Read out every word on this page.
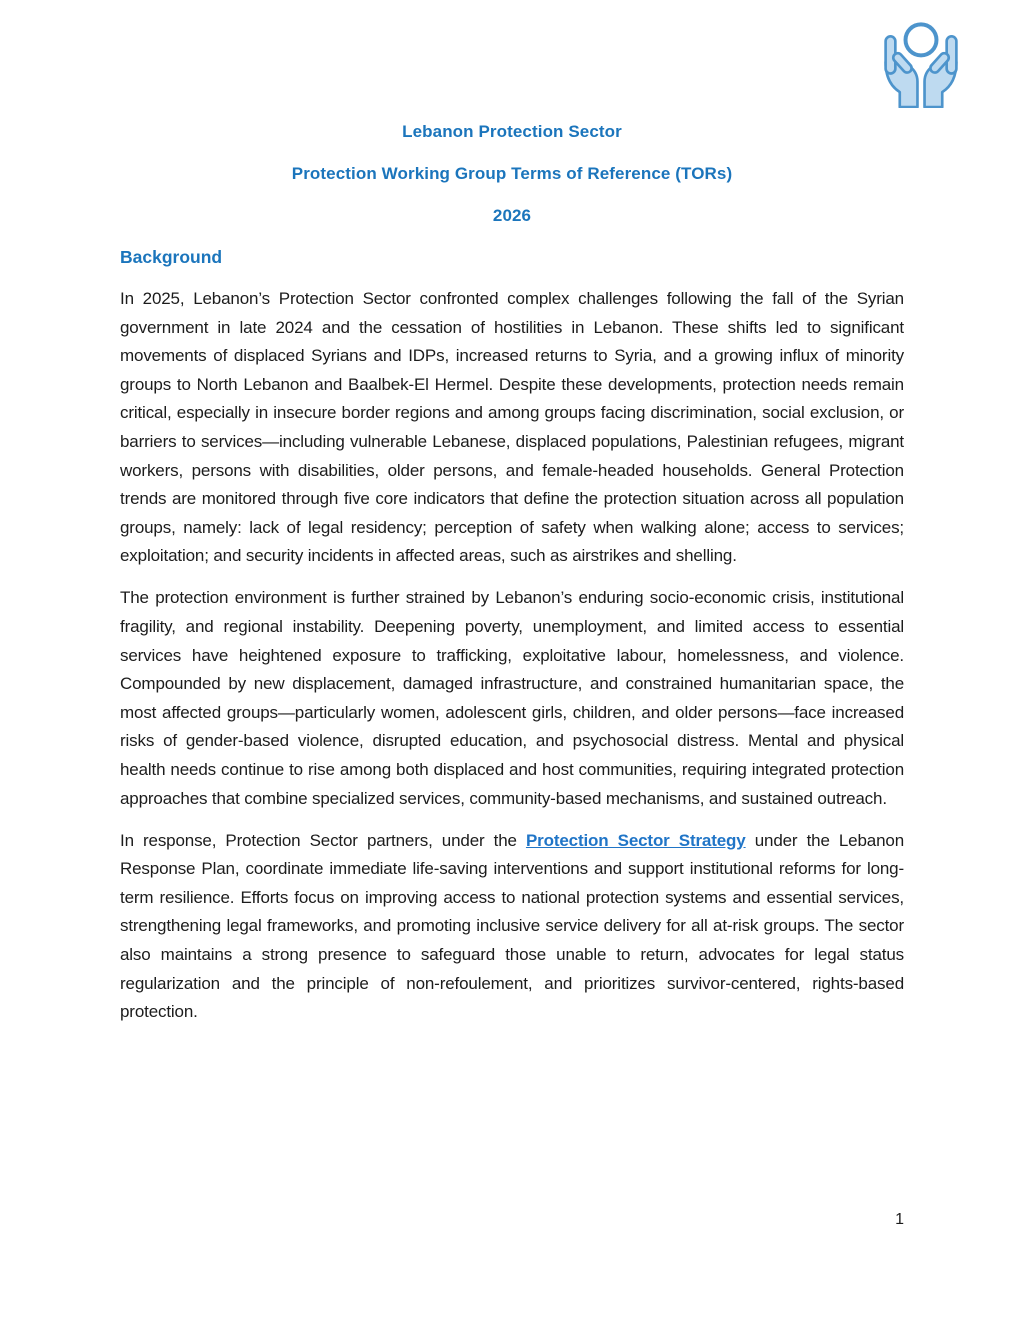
Lebanon Protection Sector
Protection Working Group Terms of Reference (TORs)
2026
Background

In 2025, Lebanon’s Protection Sector confronted complex challenges following the fall of the Syrian government in late 2024 and the cessation of hostilities in Lebanon. These shifts led to significant movements of displaced Syrians and IDPs, increased returns to Syria, and a growing influx of minority groups to North Lebanon and Baalbek-El Hermel. Despite these developments, protection needs remain critical, especially in insecure border regions and among groups facing discrimination, social exclusion, or barriers to services—including vulnerable Lebanese, displaced populations, Palestinian refugees, migrant workers, persons with disabilities, older persons, and female-headed households. General Protection trends are monitored through five core indicators that define the protection situation across all population groups, namely: lack of legal residency; perception of safety when walking alone; access to services; exploitation; and security incidents in affected areas, such as airstrikes and shelling.

The protection environment is further strained by Lebanon’s enduring socio-economic crisis, institutional fragility, and regional instability. Deepening poverty, unemployment, and limited access to essential services have heightened exposure to trafficking, exploitative labour, homelessness, and violence. Compounded by new displacement, damaged infrastructure, and constrained humanitarian space, the most affected groups—particularly women, adolescent girls, children, and older persons—face increased risks of gender-based violence, disrupted education, and psychosocial distress. Mental and physical health needs continue to rise among both displaced and host communities, requiring integrated protection approaches that combine specialized services, community-based mechanisms, and sustained outreach.

In response, Protection Sector partners, under the Protection Sector Strategy under the Lebanon Response Plan, coordinate immediate life-saving interventions and support institutional reforms for long-term resilience. Efforts focus on improving access to national protection systems and essential services, strengthening legal frameworks, and promoting inclusive service delivery for all at-risk groups. The sector also maintains a strong presence to safeguard those unable to return, advocates for legal status regularization and the principle of non-refoulement, and prioritizes survivor-centered, rights-based protection.

1
